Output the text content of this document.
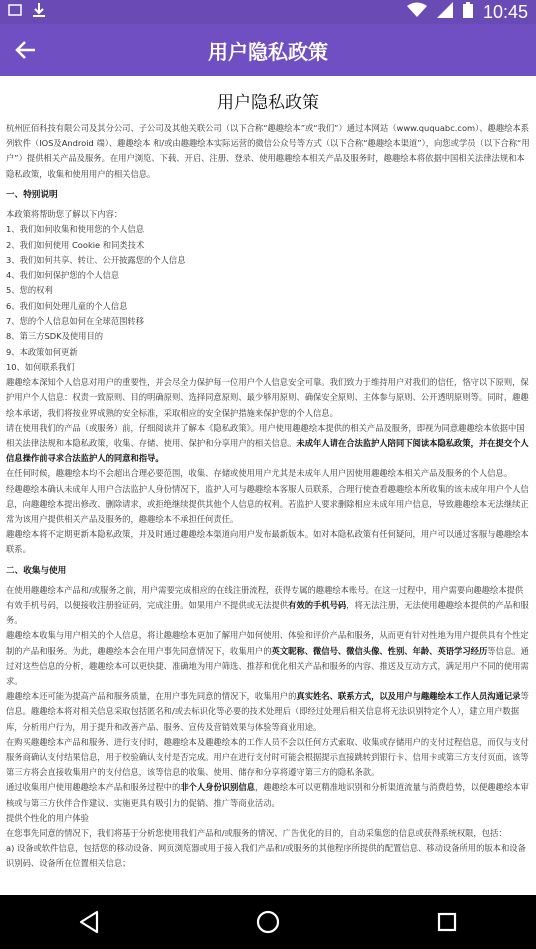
10:45
用户隐私政策
用户隐私政策

杭州匠佰科技有限公司及其分公司、子公司及其他关联公司（以下合称“趣趣绘本”或“我们”）通过本网站（www.ququabc.com）、趣趣绘本系列软件（IOS及Android 端）、趣趣绘本 和/或由趣趣绘本实际运营的微信公众号等方式（以下合称“趣趣绘本渠道”），向您或学员（以下合称“用户”）提供相关产品及服务。在用户浏览、下载、开启、注册、登录、使用趣趣绘本相关产品及服务时，趣趣绘本将依据中国相关法律法规和本隐私政策，收集和使用用户的相关信息。

一、特别说明

本政策将帮助您了解以下内容：

1、我们如何收集和使用您的个人信息

2、我们如何使用 Cookie 和同类技术

3、我们如何共享、转让、公开披露您的个人信息

4、我们如何保护您的个人信息

5、您的权利

6、我们如何处理儿童的个人信息

7、您的个人信息如何在全球范围转移

8、第三方SDK及使用目的

9、本政策如何更新

10、如何联系我们

趣趣绘本深知个人信息对用户的重要性，并会尽全力保护每一位用户个人信息安全可靠。我们致力于维持用户对我们的信任，恪守以下原则，保护用户个人信息：权责一致原则、目的明确原则、选择同意原则、最少够用原则、确保安全原则、主体参与原则、公开透明原则等。同时，趣趣绘本承诺，我们将按业界成熟的安全标准，采取相应的安全保护措施来保护您的个人信息。

请在使用我们的产品（或服务）前，仔细阅读并了解本《隐私政策》。用户使用趣趣绘本提供的相关产品及服务，即视为同意趣趣绘本依据中国相关法律法规和本隐私政策，收集、存储、使用、保护和分享用户的相关信息。未成年人请在合法监护人陪同下阅读本隐私政策，并在提交个人信息操作前寻求合法监护人的同意和指导。

在任何时候，趣趣绘本均不会超出合理必要范围，收集、存储或使用用户尤其是未成年人用户因使用趣趣绘本相关产品及服务的个人信息。

经趣趣绘本确认未成年人用户合法监护人身份情况下，监护人可与趣趣绘本客服人员联系，合理行使查看趣趣绘本所收集的该未成年用户个人信息，向趣趣绘本提出修改、删除请求，或拒绝继续提供其他个人信息的权利。若监护人要求删除相应未成年用户信息，导致趣趣绘本无法继续正常为该用户提供相关产品及服务的，趣趣绘本不承担任何责任。

趣趣绘本将不定期更新本隐私政策，并及时通过趣趣绘本渠道向用户发布最新版本。如对本隐私政策有任何疑问，用户可以通过客服与趣趣绘本联系。

二、收集与使用

在使用趣趣绘本产品和/或服务之前，用户需要完成相应的在线注册流程，获得专属的趣趣绘本账号。在这一过程中，用户需要向趣趣绘本提供有效手机号码，以便接收注册验证码，完成注册。如果用户不提供或无法提供有效的手机号码，将无法注册，无法使用趣趣绘本提供的产品和服务。

趣趣绘本收集与用户相关的个人信息，将让趣趣绘本更加了解用户如何使用、体验和评价产品和服务，从而更有针对性地为用户提供具有个性定制的产品和服务。为此，趣趣绘本会在用户事先同意情况下，收集用户的英文昵称、微信号、微信头像、性别、年龄、英语学习经历等信息。通过对这些信息的分析，趣趣绘本可以更快捷、准确地为用户筛选、推荐和优化相关产品和服务的内容、推送及互动方式，满足用户不同的使用需求。

趣趣绘本还可能为提高产品和服务质量，在用户事先同意的情况下，收集用户的真实姓名、联系方式，以及用户与趣趣绘本工作人员沟通记录等信息。趣趣绘本将对相关信息采取包括匿名和/或去标识化等必要的技术处理后（即经过处理后相关信息将无法识别特定个人），建立用户数据库，分析用户行为，用于提升和改善产品、服务、宣传及营销效果与体验等商业用途。

在购买趣趣绘本产品和服务、进行支付时，趣趣绘本及趣趣绘本的工作人员不会以任何方式索取、收集或存储用户的支付过程信息，而仅与支付服务商确认支付结果信息，用于校验确认支付是否完成。用户在进行支付时可能会根据提示直接跳转到银行卡、信用卡或第三方支付页面，该等第三方将会直接收集用户的支付信息，该等信息的收集、使用、储存和分享将遵守第三方的隐私条款。

通过收集用户使用趣趣绘本产品和服务过程中的非个人身份识别信息，趣趣绘本可以更精准地识别和分析渠道流量与消费趋势，以便趣趣绘本审核或与第三方伙伴合作建议、实施更具有吸引力的促销、推广等商业活动。

提供个性化的用户体验

在您事先同意的情况下，我们将基于分析您使用我们产品和/或服务的情况、广告优化的目的，自动采集您的信息或获得系统权限，包括：

a) 设备或软件信息，包括您的移动设备、网页浏览器或用于接入我们产品和/或服务的其他程序所提供的配置信息、移动设备所用的版本和设备识别码、设备所在位置相关信息；
